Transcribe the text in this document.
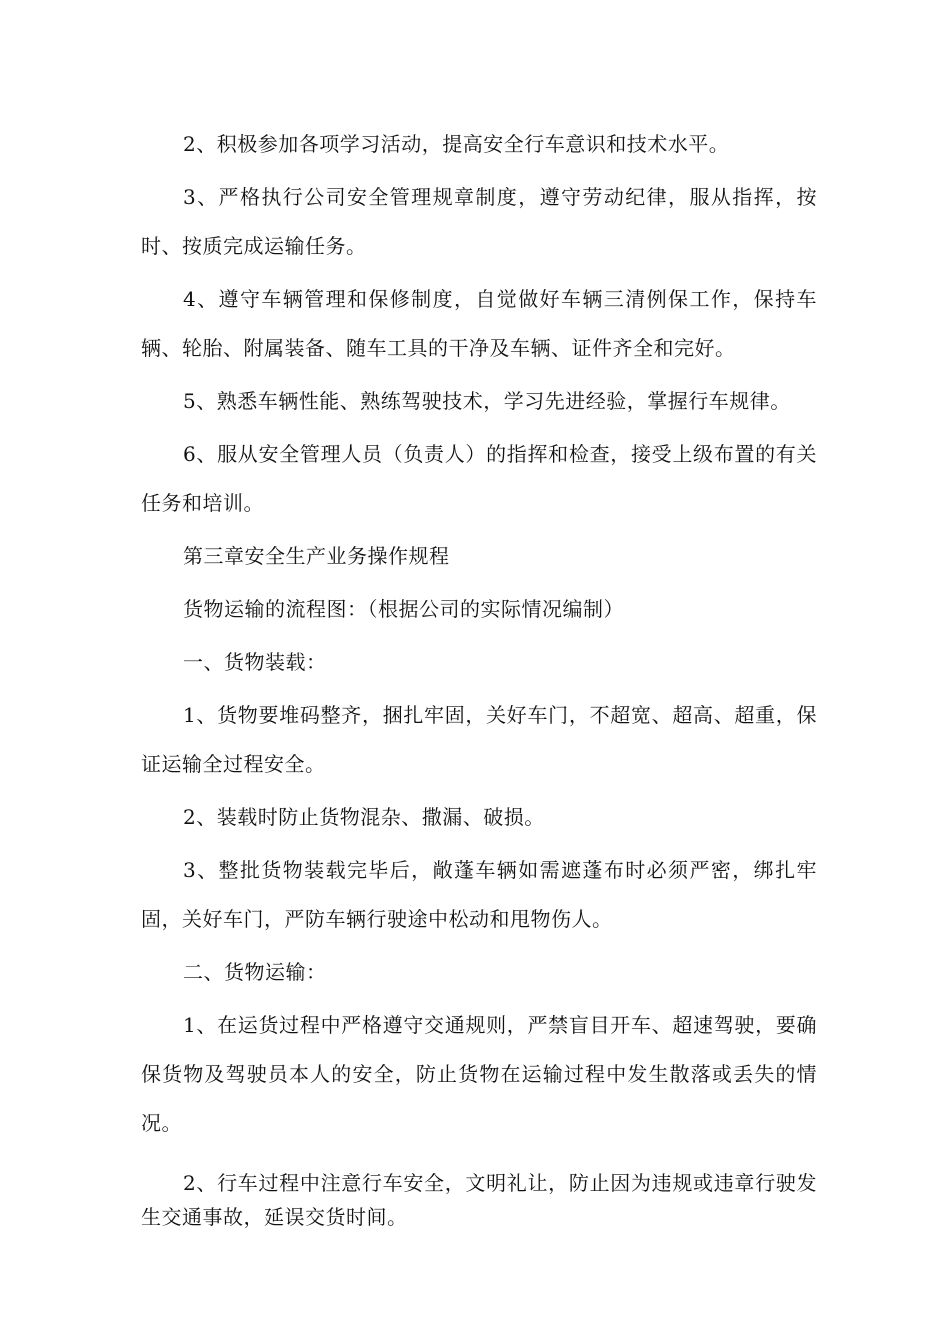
2、积极参加各项学习活动，提高安全行车意识和技术水平。

3、严格执行公司安全管理规章制度，遵守劳动纪律，服从指挥，按时、按质完成运输任务。

4、遵守车辆管理和保修制度，自觉做好车辆三清例保工作，保持车辆、轮胎、附属装备、随车工具的干净及车辆、证件齐全和完好。

5、熟悉车辆性能、熟练驾驶技术，学习先进经验，掌握行车规律。

6、服从安全管理人员（负责人）的指挥和检查，接受上级布置的有关任务和培训。

第三章安全生产业务操作规程

货物运输的流程图：（根据公司的实际情况编制）

一、货物装载：

1、货物要堆码整齐，捆扎牢固，关好车门，不超宽、超高、超重，保证运输全过程安全。

2、装载时防止货物混杂、撒漏、破损。

3、整批货物装载完毕后，敞蓬车辆如需遮蓬布时必须严密，绑扎牢固，关好车门，严防车辆行驶途中松动和甩物伤人。

二、货物运输：

1、在运货过程中严格遵守交通规则，严禁盲目开车、超速驾驶，要确保货物及驾驶员本人的安全，防止货物在运输过程中发生散落或丢失的情况。

2、行车过程中注意行车安全，文明礼让，防止因为违规或违章行驶发生交通事故，延误交货时间。
